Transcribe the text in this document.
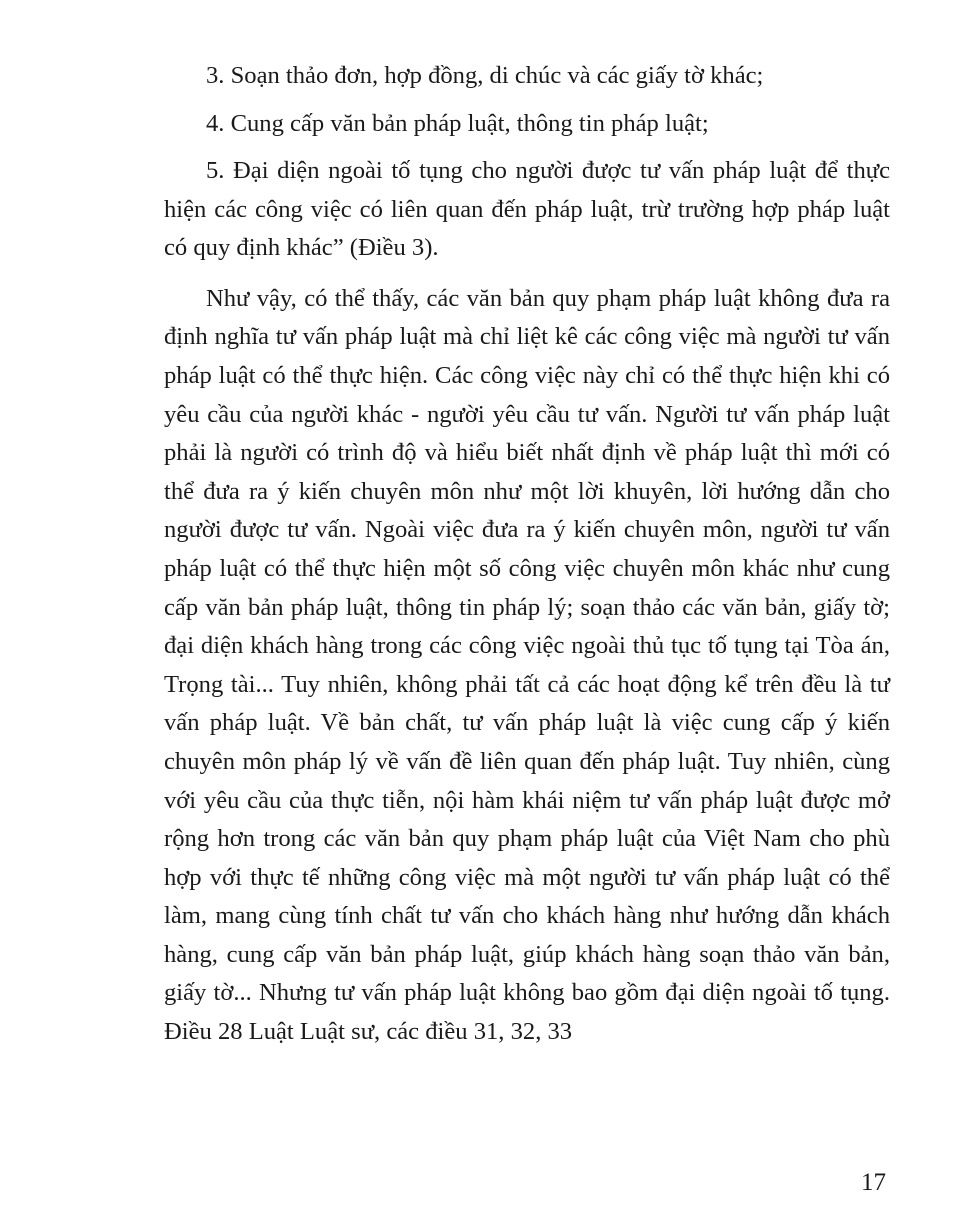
3. Soạn thảo đơn, hợp đồng, di chúc và các giấy tờ khác;

4. Cung cấp văn bản pháp luật, thông tin pháp luật;

5. Đại diện ngoài tố tụng cho người được tư vấn pháp luật để thực hiện các công việc có liên quan đến pháp luật, trừ trường hợp pháp luật có quy định khác” (Điều 3).

Như vậy, có thể thấy, các văn bản quy phạm pháp luật không đưa ra định nghĩa tư vấn pháp luật mà chỉ liệt kê các công việc mà người tư vấn pháp luật có thể thực hiện. Các công việc này chỉ có thể thực hiện khi có yêu cầu của người khác - người yêu cầu tư vấn. Người tư vấn pháp luật phải là người có trình độ và hiểu biết nhất định về pháp luật thì mới có thể đưa ra ý kiến chuyên môn như một lời khuyên, lời hướng dẫn cho người được tư vấn. Ngoài việc đưa ra ý kiến chuyên môn, người tư vấn pháp luật có thể thực hiện một số công việc chuyên môn khác như cung cấp văn bản pháp luật, thông tin pháp lý; soạn thảo các văn bản, giấy tờ; đại diện khách hàng trong các công việc ngoài thủ tục tố tụng tại Tòa án, Trọng tài... Tuy nhiên, không phải tất cả các hoạt động kể trên đều là tư vấn pháp luật. Về bản chất, tư vấn pháp luật là việc cung cấp ý kiến chuyên môn pháp lý về vấn đề liên quan đến pháp luật. Tuy nhiên, cùng với yêu cầu của thực tiễn, nội hàm khái niệm tư vấn pháp luật được mở rộng hơn trong các văn bản quy phạm pháp luật của Việt Nam cho phù hợp với thực tế những công việc mà một người tư vấn pháp luật có thể làm, mang cùng tính chất tư vấn cho khách hàng như hướng dẫn khách hàng, cung cấp văn bản pháp luật, giúp khách hàng soạn thảo văn bản, giấy tờ... Nhưng tư vấn pháp luật không bao gồm đại diện ngoài tố tụng. Điều 28 Luật Luật sư, các điều 31, 32, 33

17
